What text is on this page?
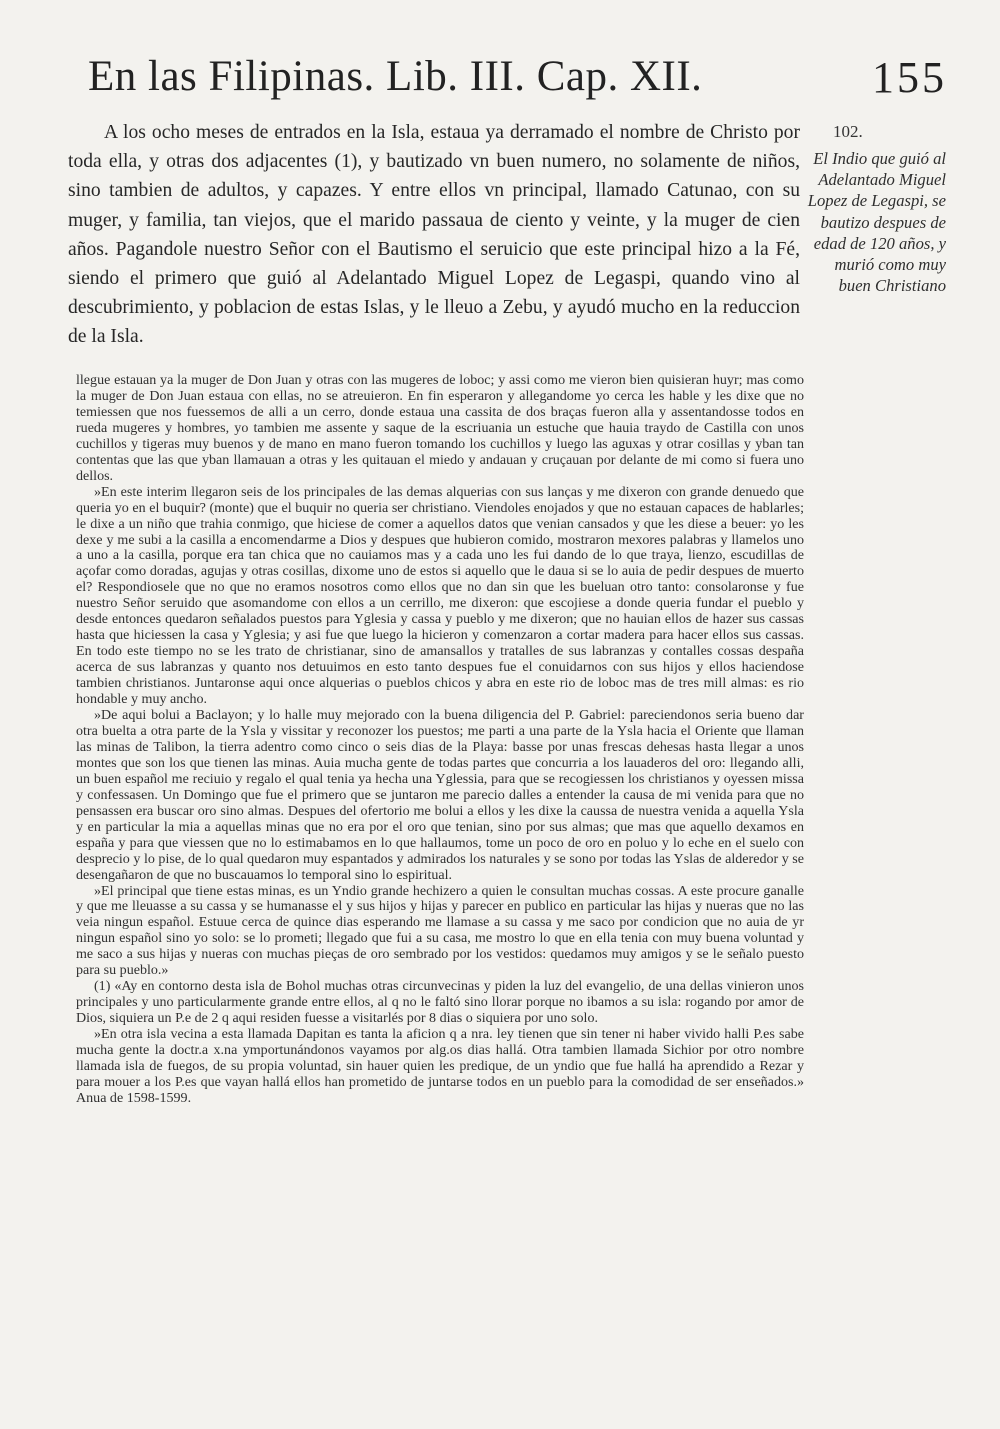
En las Filipinas. Lib. III. Cap. XII.	155

A los ocho meses de entrados en la Isla, estaua ya derramado el nombre de Christo por toda ella, y otras dos adjacentes (1), y bautizado vn buen numero, no solamente de niños, sino tambien de adultos, y capazes. Y entre ellos vn principal, llamado Catunao, con su muger, y familia, tan viejos, que el marido passaua de ciento y veinte, y la muger de cien años. Pagandole nuestro Señor con el Bautismo el seruicio que este principal hizo a la Fé, siendo el primero que guió al Adelantado Miguel Lopez de Legaspi, quando vino al descubrimiento, y poblacion de estas Islas, y le lleuo a Zebu, y ayudó mucho en la reduccion de la Isla.

102.
El Indio que guió al Adelantado Miguel Lopez de Legaspi, se bautizo despues de edad de 120 años, y murió como muy buen Christiano

llegue estauan ya la muger de Don Juan y otras con las mugeres de loboc; y assi como me vieron bien quisieran huyr; mas como la muger de Don Juan estaua con ellas, no se atreuieron. En fin esperaron y allegandome yo cerca les hable y les dixe que no temiessen que nos fuessemos de alli a un cerro, donde estaua una cassita de dos braças fueron alla y assentandosse todos en rueda mugeres y hombres, yo tambien me assente y saque de la escriuania un estuche que hauia traydo de Castilla con unos cuchillos y tigeras muy buenos y de mano en mano fueron tomando los cuchillos y luego las aguxas y otrar cosillas y yban tan contentas que las que yban llamauan a otras y les quitauan el miedo y andauan y cruçauan por delante de mi como si fuera uno dellos.

»En este interim llegaron seis de los principales de las demas alquerias con sus lanças y me dixeron con grande denuedo que queria yo en el buquir? (monte) que el buquir no queria ser christiano. Viendoles enojados y que no estauan capaces de hablarles; le dixe a un niño que trahia conmigo, que hiciese de comer a aquellos datos que venian cansados y que les diese a beuer: yo les dexe y me subi a la casilla a encomendarme a Dios y despues que hubieron comido, mostraron mexores palabras y llamelos uno a uno a la casilla, porque era tan chica que no cauiamos mas y a cada uno les fui dando de lo que traya, lienzo, escudillas de açofar como doradas, agujas y otras cosillas, dixome uno de estos si aquello que le daua si se lo auia de pedir despues de muerto el? Respondiosele que no que no eramos nosotros como ellos que no dan sin que les bueluan otro tanto: consolaronse y fue nuestro Señor seruido que asomandome con ellos a un cerrillo, me dixeron: que escojiese a donde queria fundar el pueblo y desde entonces quedaron señalados puestos para Yglesia y cassa y pueblo y me dixeron; que no hauian ellos de hazer sus cassas hasta que hiciessen la casa y Yglesia; y asi fue que luego la hicieron y comenzaron a cortar madera para hacer ellos sus cassas. En todo este tiempo no se les trato de christianar, sino de amansallos y tratalles de sus labranzas y contalles cossas despaña acerca de sus labranzas y quanto nos detuuimos en esto tanto despues fue el conuidarnos con sus hijos y ellos haciendose tambien christianos. Juntaronse aqui once alquerias o pueblos chicos y abra en este rio de loboc mas de tres mill almas: es rio hondable y muy ancho.

»De aqui bolui a Baclayon; y lo halle muy mejorado con la buena diligencia del P. Gabriel: pareciendonos seria bueno dar otra buelta a otra parte de la Ysla y vissitar y reconozer los puestos; me parti a una parte de la Ysla hacia el Oriente que llaman las minas de Talibon, la tierra adentro como cinco o seis dias de la Playa: basse por unas frescas dehesas hasta llegar a unos montes que son los que tienen las minas. Auia mucha gente de todas partes que concurria a los lauaderos del oro: llegando alli, un buen español me reciuio y regalo el qual tenia ya hecha una Yglessia, para que se recogiessen los christianos y oyessen missa y confessasen. Un Domingo que fue el primero que se juntaron me parecio dalles a entender la causa de mi venida para que no pensassen era buscar oro sino almas. Despues del ofertorio me bolui a ellos y les dixe la caussa de nuestra venida a aquella Ysla y en particular la mia a aquellas minas que no era por el oro que tenian, sino por sus almas; que mas que aquello dexamos en españa y para que viessen que no lo estimabamos en lo que hallaumos, tome un poco de oro en poluo y lo eche en el suelo con desprecio y lo pise, de lo qual quedaron muy espantados y admirados los naturales y se sono por todas las Yslas de alderedor y se desengañaron de que no buscauamos lo temporal sino lo espiritual.

»El principal que tiene estas minas, es un Yndio grande hechizero a quien le consultan muchas cossas. A este procure ganalle y que me lleuasse a su cassa y se humanasse el y sus hijos y hijas y parecer en publico en particular las hijas y nueras que no las veia ningun español. Estuue cerca de quince dias esperando me llamase a su cassa y me saco por condicion que no auia de yr ningun español sino yo solo: se lo prometi; llegado que fui a su casa, me mostro lo que en ella tenia con muy buena voluntad y me saco a sus hijas y nueras con muchas pieças de oro sembrado por los vestidos: quedamos muy amigos y se le señalo puesto para su pueblo.»

(1) «Ay en contorno desta isla de Bohol muchas otras circunvecinas y piden la luz del evangelio, de una dellas vinieron unos principales y uno particularmente grande entre ellos, al q no le faltó sino llorar porque no ibamos a su isla: rogando por amor de Dios, siquiera un P.e de 2 q aqui residen fuesse a visitarlés por 8 dias o siquiera por uno solo.

»En otra isla vecina a esta llamada Dapitan es tanta la aficion q a nra. ley tienen que sin tener ni haber vivido halli P.es sabe mucha gente la doctr.a x.na ymportunándonos vayamos por alg.os dias hallá. Otra tambien llamada Sichior por otro nombre llamada isla de fuegos, de su propia voluntad, sin hauer quien les predique, de un yndio que fue hallá ha aprendido a Rezar y para mouer a los P.es que vayan hallá ellos han prometido de juntarse todos en un pueblo para la comodidad de ser enseñados.» Anua de 1598-1599.
